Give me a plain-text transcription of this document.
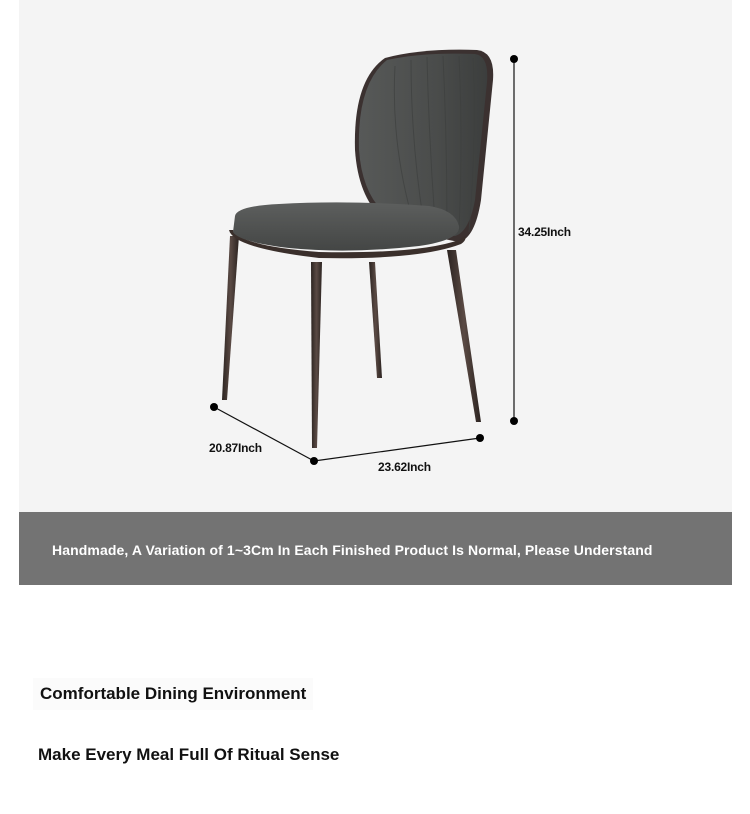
34.25Inch
20.87Inch
23.62Inch
Handmade, A Variation of 1~3Cm In Each Finished Product Is Normal, Please Understand
Comfortable Dining Environment
Make Every Meal Full Of Ritual Sense
